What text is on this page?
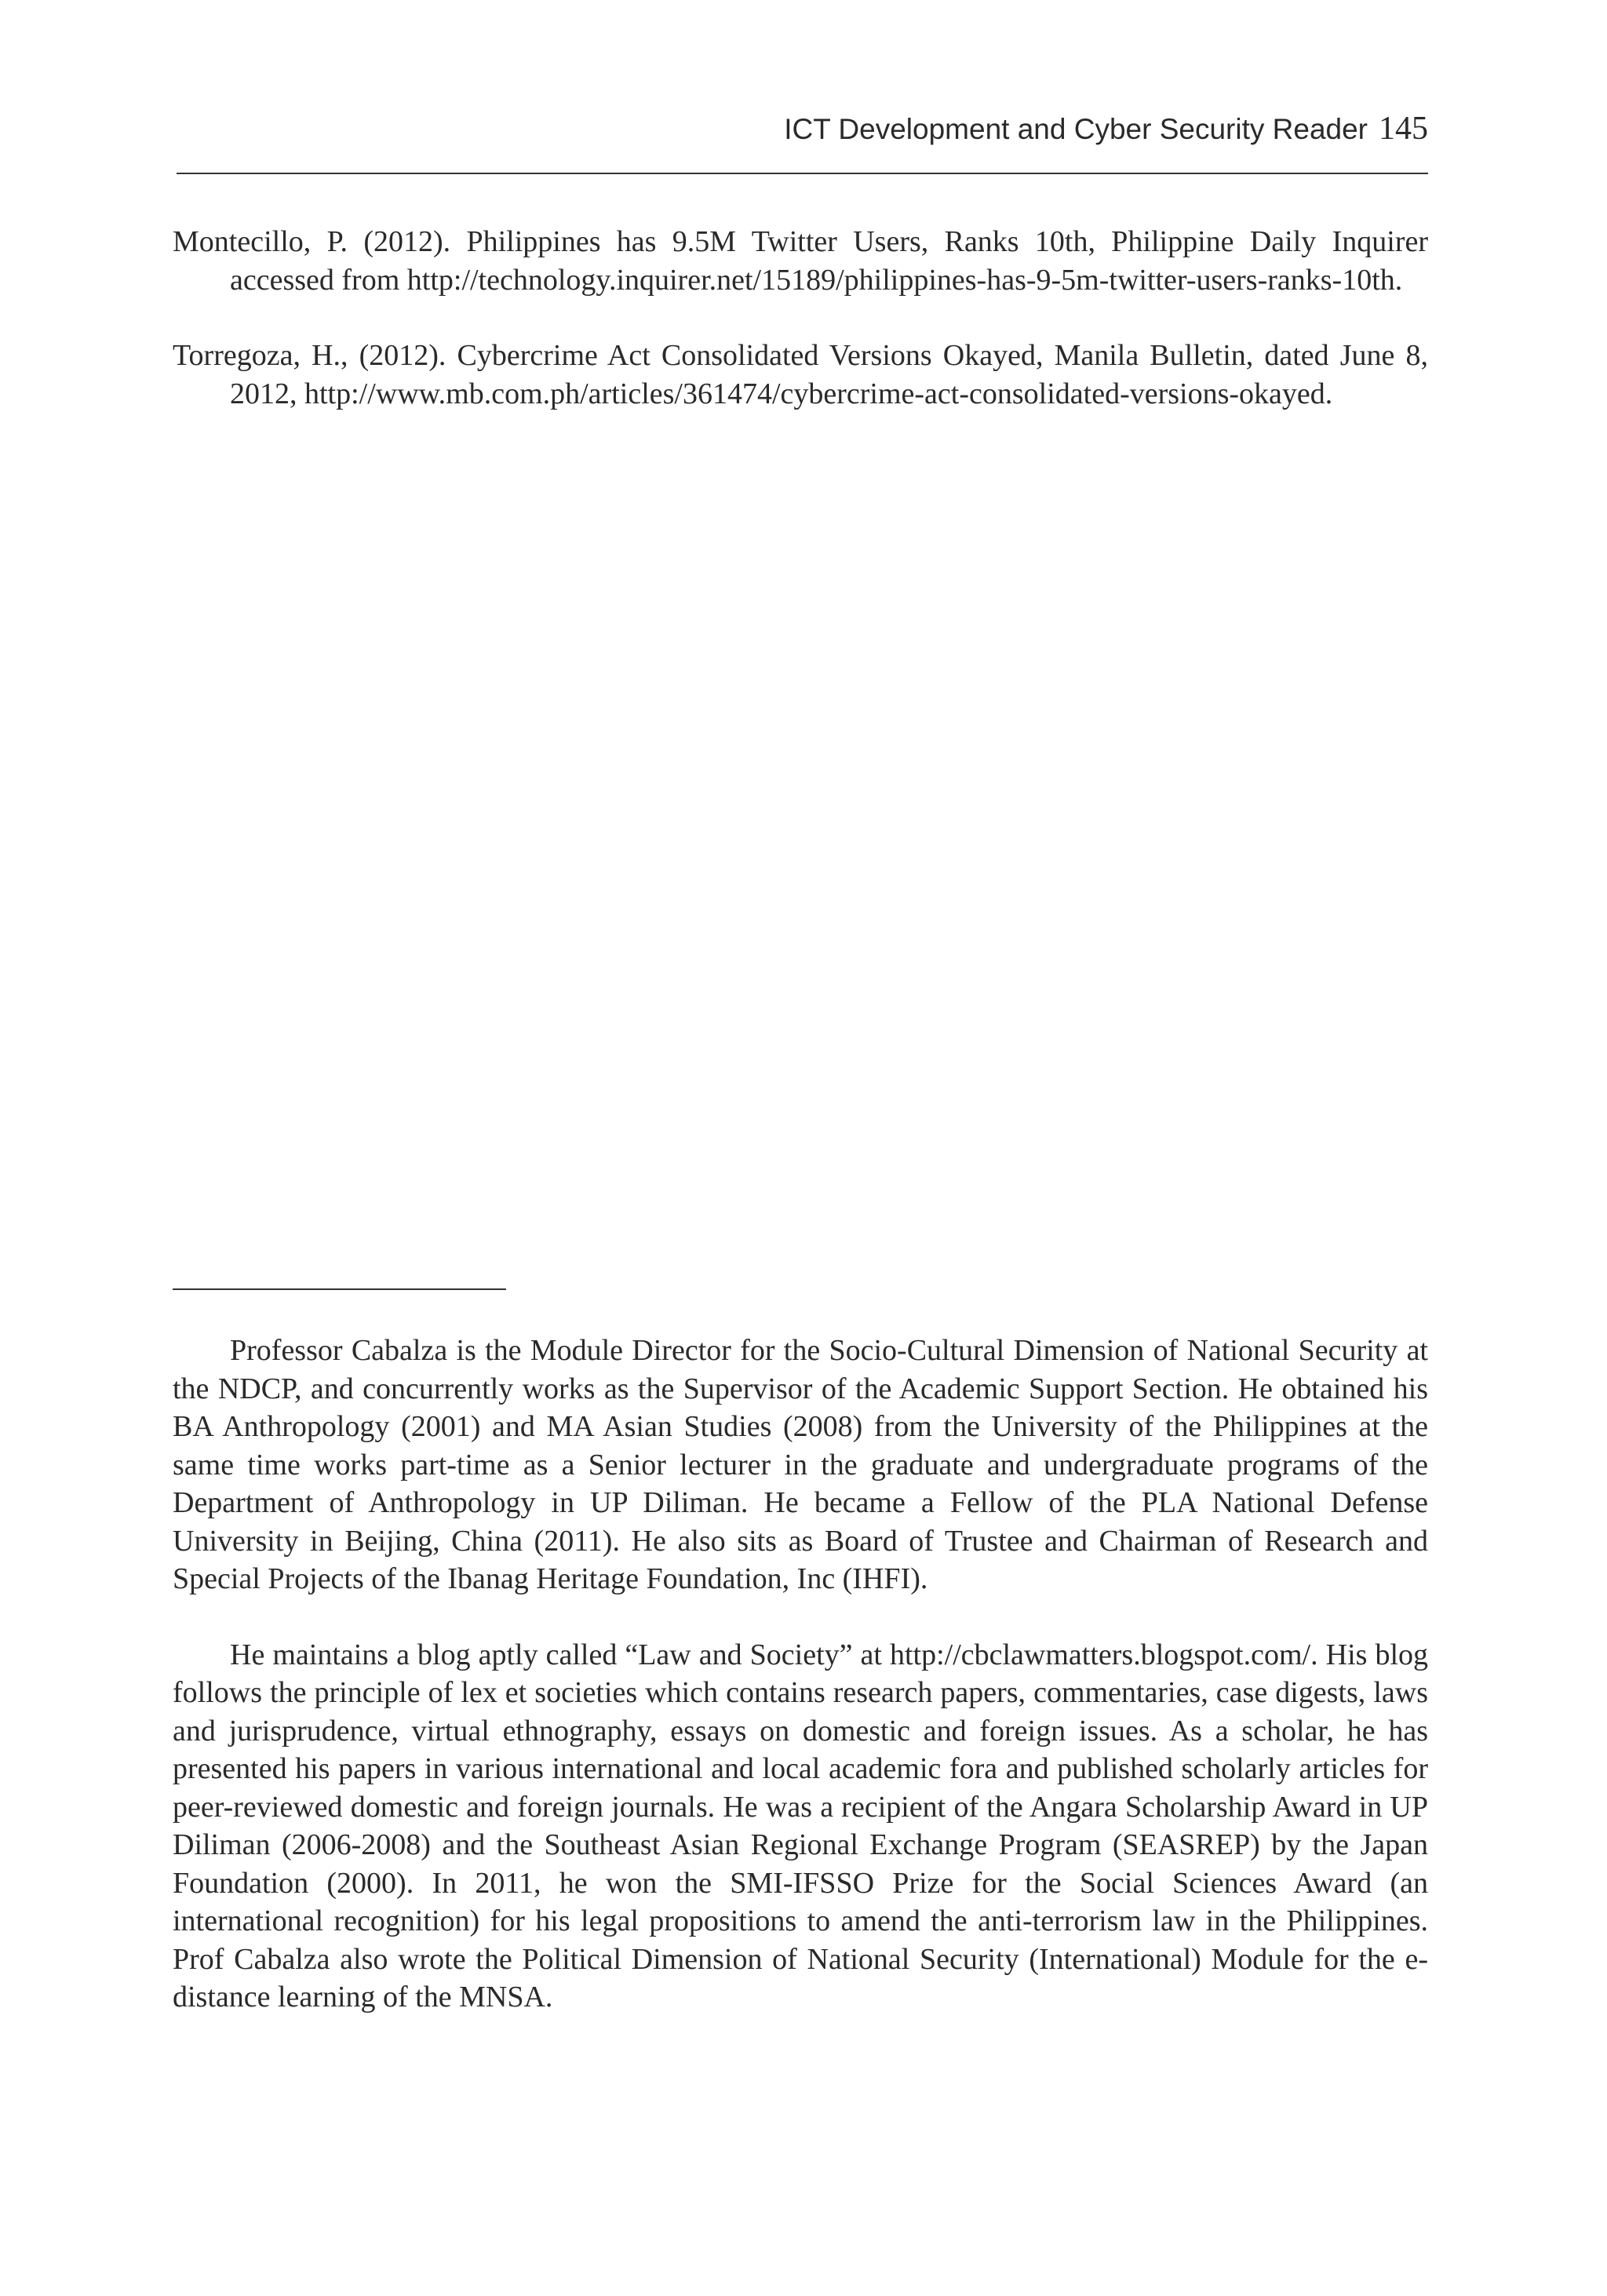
ICT Development and Cyber Security Reader 145

Montecillo, P. (2012). Philippines has 9.5M Twitter Users, Ranks 10th, Philippine Daily Inquirer accessed from http://technology.inquirer.net/15189/philippines-has-9-5m-twitter-users-ranks-10th.

Torregoza, H., (2012). Cybercrime Act Consolidated Versions Okayed, Manila Bulletin, dated June 8, 2012, http://www.mb.com.ph/articles/361474/cybercrime-act-consolidated-versions-okayed.

Professor Cabalza is the Module Director for the Socio-Cultural Dimension of National Security at the NDCP, and concurrently works as the Supervisor of the Academic Support Section. He obtained his BA Anthropology (2001) and MA Asian Studies (2008) from the University of the Philippines at the same time works part-time as a Senior lecturer in the graduate and undergraduate programs of the Department of Anthropology in UP Diliman. He became a Fellow of the PLA National Defense University in Beijing, China (2011). He also sits as Board of Trustee and Chairman of Research and Special Projects of the Ibanag Heritage Foundation, Inc (IHFI).

He maintains a blog aptly called “Law and Society” at http://cbclawmatters.blogspot.com/. His blog follows the principle of lex et societies which contains research papers, commentaries, case digests, laws and jurisprudence, virtual ethnography, essays on domestic and foreign issues. As a scholar, he has presented his papers in various international and local academic fora and published scholarly articles for peer-reviewed domestic and foreign journals. He was a recipient of the Angara Scholarship Award in UP Diliman (2006-2008) and the Southeast Asian Regional Exchange Program (SEASREP) by the Japan Foundation (2000). In 2011, he won the SMI-IFSSO Prize for the Social Sciences Award (an international recognition) for his legal propositions to amend the anti-terrorism law in the Philippines. Prof Cabalza also wrote the Political Dimension of National Security (International) Module for the e-distance learning of the MNSA.
